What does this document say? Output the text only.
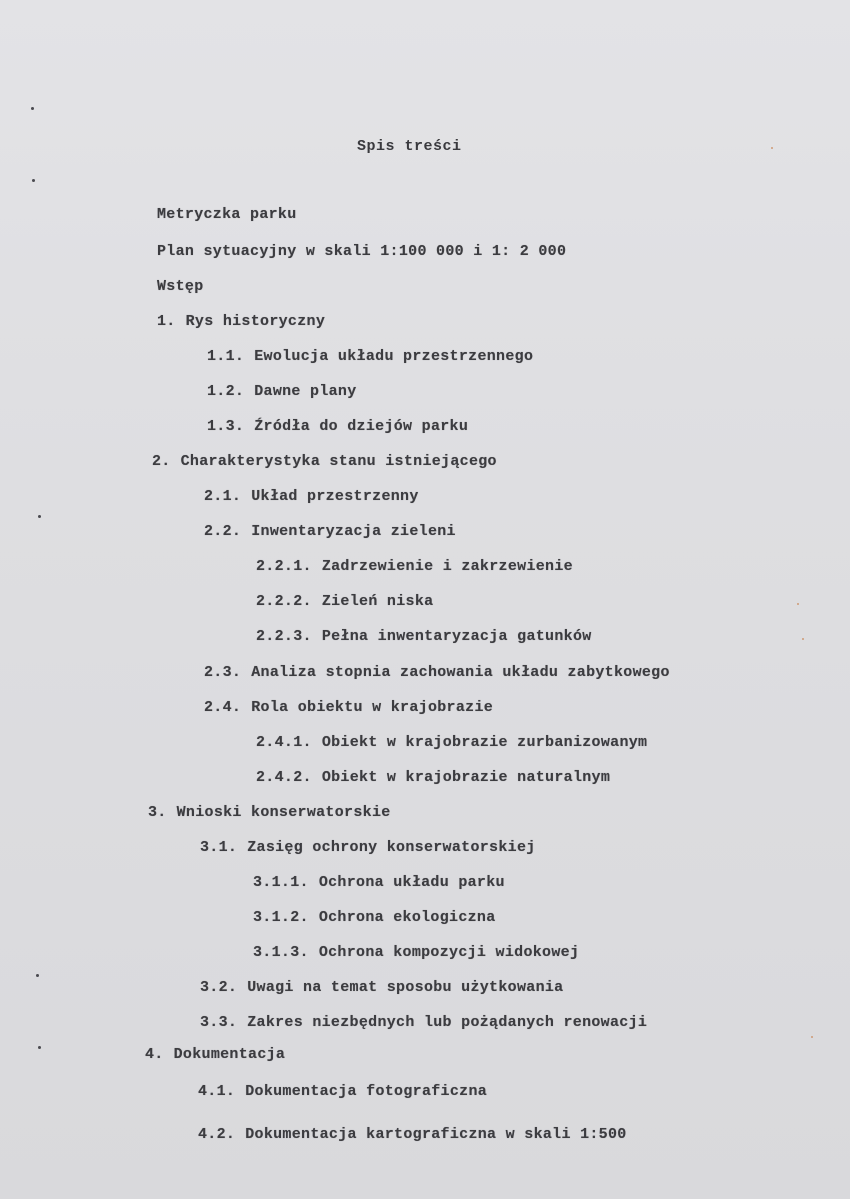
Spis treści
Metryczka parku
Plan sytuacyjny w skali 1:100 000 i 1: 2 000
Wstęp
1. Rys historyczny
1.1. Ewolucja układu przestrzennego
1.2. Dawne plany
1.3. Źródła do dziejów parku
2. Charakterystyka stanu istniejącego
2.1. Układ przestrzenny
2.2. Inwentaryzacja zieleni
2.2.1. Zadrzewienie i zakrzewienie
2.2.2. Zieleń niska
2.2.3. Pełna inwentaryzacja gatunków
2.3. Analiza stopnia zachowania układu zabytkowego
2.4. Rola obiektu w krajobrazie
2.4.1. Obiekt w krajobrazie zurbanizowanym
2.4.2. Obiekt w krajobrazie naturalnym
3. Wnioski konserwatorskie
3.1. Zasięg ochrony konserwatorskiej
3.1.1. Ochrona układu parku
3.1.2. Ochrona ekologiczna
3.1.3. Ochrona kompozycji widokowej
3.2. Uwagi na temat sposobu użytkowania
3.3. Zakres niezbędnych lub pożądanych renowacji
4. Dokumentacja
4.1. Dokumentacja fotograficzna
4.2. Dokumentacja kartograficzna w skali 1:500
